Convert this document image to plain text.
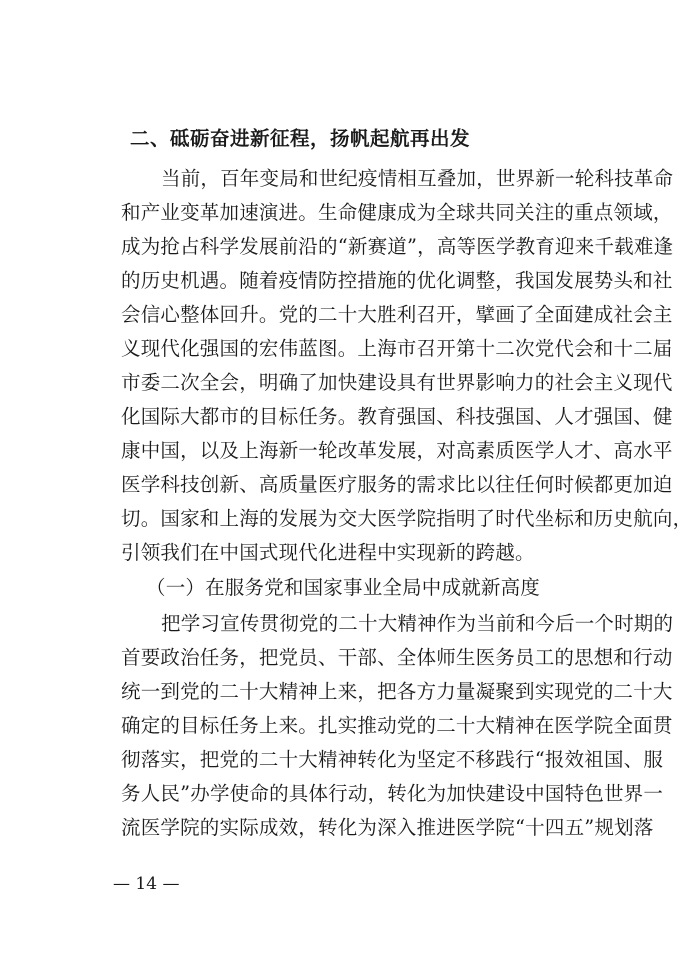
二、砥砺奋进新征程，扬帆起航再出发
当前，百年变局和世纪疫情相互叠加，世界新一轮科技革命
和产业变革加速演进。生命健康成为全球共同关注的重点领域，
成为抢占科学发展前沿的“新赛道”，高等医学教育迎来千载难逢
的历史机遇。随着疫情防控措施的优化调整，我国发展势头和社
会信心整体回升。党的二十大胜利召开，擘画了全面建成社会主
义现代化强国的宏伟蓝图。上海市召开第十二次党代会和十二届
市委二次全会，明确了加快建设具有世界影响力的社会主义现代
化国际大都市的目标任务。教育强国、科技强国、人才强国、健
康中国，以及上海新一轮改革发展，对高素质医学人才、高水平
医学科技创新、高质量医疗服务的需求比以往任何时候都更加迫
切。国家和上海的发展为交大医学院指明了时代坐标和历史航向，
引领我们在中国式现代化进程中实现新的跨越。
（一）在服务党和国家事业全局中成就新高度
把学习宣传贯彻党的二十大精神作为当前和今后一个时期的
首要政治任务，把党员、干部、全体师生医务员工的思想和行动
统一到党的二十大精神上来，把各方力量凝聚到实现党的二十大
确定的目标任务上来。扎实推动党的二十大精神在医学院全面贯
彻落实，把党的二十大精神转化为坚定不移践行“报效祖国、服
务人民”办学使命的具体行动，转化为加快建设中国特色世界一
流医学院的实际成效，转化为深入推进医学院“十四五”规划落
— 14 —
